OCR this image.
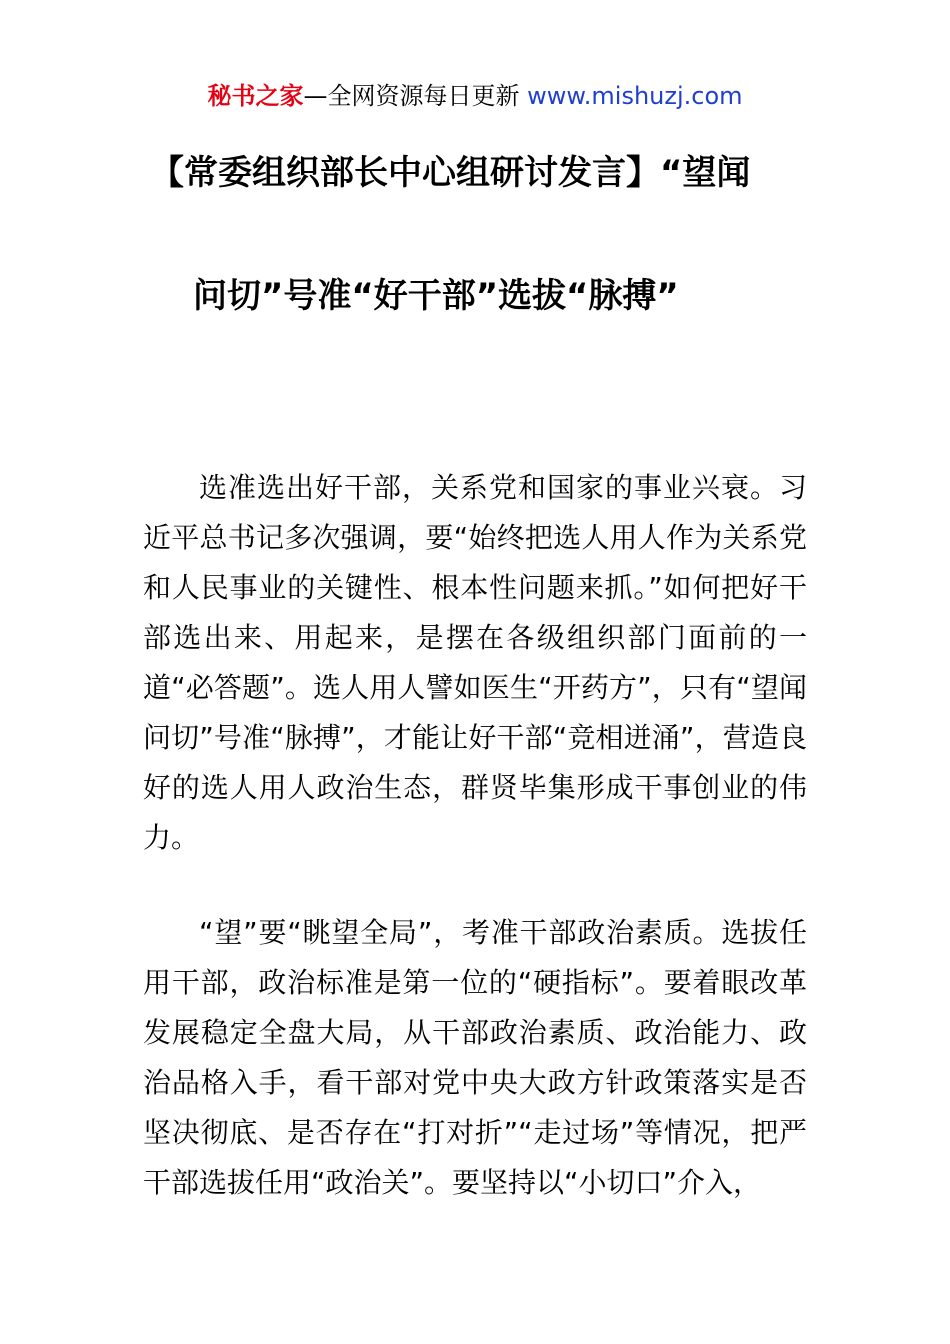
秘书之家—全网资源每日更新 www.mishuzj.com
【常委组织部长中心组研讨发言】“望闻
问切”号准“好干部”选拔“脉搏”

选准选出好干部，关系党和国家的事业兴衰。习近平总书记多次强调，要“始终把选人用人作为关系党和人民事业的关键性、根本性问题来抓。”如何把好干部选出来、用起来，是摆在各级组织部门面前的一道“必答题”。选人用人譬如医生“开药方”，只有“望闻问切”号准“脉搏”，才能让好干部“竞相迸涌”，营造良好的选人用人政治生态，群贤毕集形成干事创业的伟力。

“望”要“眺望全局”，考准干部政治素质。选拔任用干部，政治标准是第一位的“硬指标”。要着眼改革发展稳定全盘大局，从干部政治素质、政治能力、政治品格入手，看干部对党中央大政方针政策落实是否坚决彻底、是否存在“打对折”“走过场”等情况，把严干部选拔任用“政治关”。要坚持以“小切口”介入，
